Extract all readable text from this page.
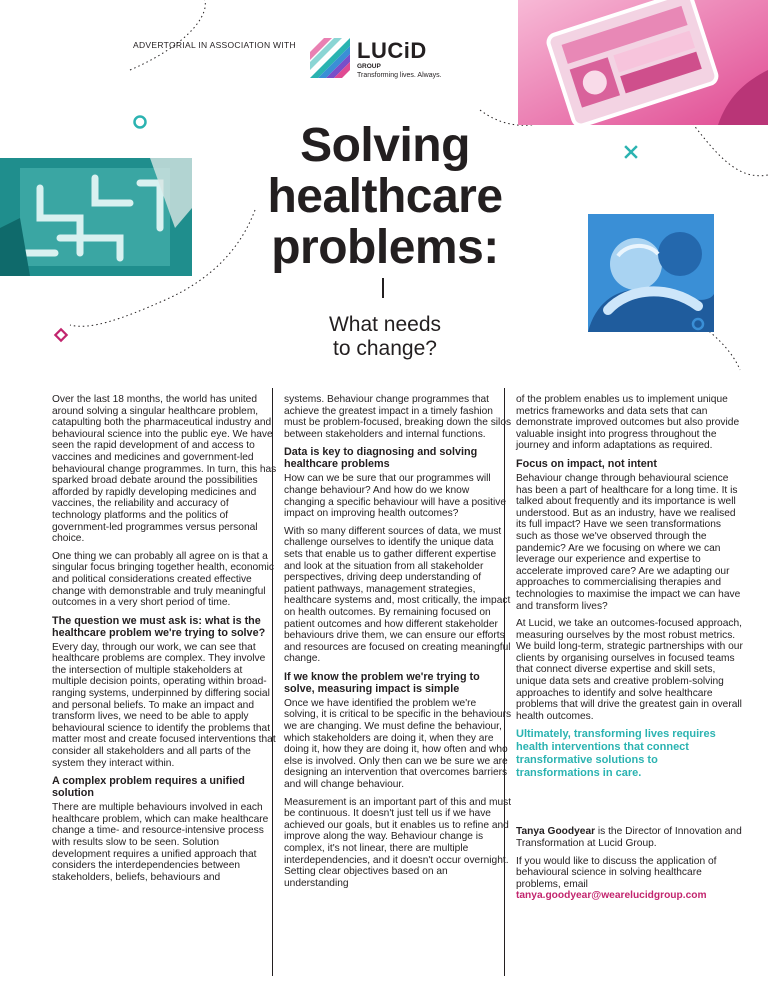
ADVERTORIAL IN ASSOCIATION WITH	LUCiD
GROUP
Transforming lives. Always.
Solving
healthcare
problems:
What needs
to change?

Over the last 18 months, the world has united around solving a singular healthcare problem, catapulting both the pharmaceutical industry and behavioural science into the public eye. We have seen the rapid development of and access to vaccines and medicines and government-led behavioural change programmes. In turn, this has sparked broad debate around the possibilities afforded by rapidly developing medicines and vaccines, the reliability and accuracy of technology platforms and the politics of government-led programmes versus personal choice.

One thing we can probably all agree on is that a singular focus bringing together health, economic and political considerations created effective change with demonstrable and truly meaningful outcomes in a very short period of time.

The question we must ask is: what is the healthcare problem we're trying to solve?

Every day, through our work, we can see that healthcare problems are complex. They involve the intersection of multiple stakeholders at multiple decision points, operating within broad-ranging systems, underpinned by differing social and personal beliefs. To make an impact and transform lives, we need to be able to apply behavioural science to identify the problems that matter most and create focused interventions that consider all stakeholders and all parts of the system they interact within.

A complex problem requires a unified solution

There are multiple behaviours involved in each healthcare problem, which can make healthcare change a time- and resource-intensive process with results slow to be seen. Solution development requires a unified approach that considers the interdependencies between stakeholders, beliefs, behaviours and

systems. Behaviour change programmes that achieve the greatest impact in a timely fashion must be problem-focused, breaking down the silos between stakeholders and internal functions.

Data is key to diagnosing and solving healthcare problems

How can we be sure that our programmes will change behaviour? And how do we know changing a specific behaviour will have a positive impact on improving health outcomes?

With so many different sources of data, we must challenge ourselves to identify the unique data sets that enable us to gather different expertise and look at the situation from all stakeholder perspectives, driving deep understanding of patient pathways, management strategies, healthcare systems and, most critically, the impact on health outcomes. By remaining focused on patient outcomes and how different stakeholder behaviours drive them, we can ensure our efforts and resources are focused on creating meaningful change.

If we know the problem we're trying to solve, measuring impact is simple

Once we have identified the problem we're solving, it is critical to be specific in the behaviours we are changing. We must define the behaviour, which stakeholders are doing it, when they are doing it, how they are doing it, how often and who else is involved. Only then can we be sure we are designing an intervention that overcomes barriers and will change behaviour.

Measurement is an important part of this and must be continuous. It doesn't just tell us if we have achieved our goals, but it enables us to refine and improve along the way. Behaviour change is complex, it's not linear, there are multiple interdependencies, and it doesn't occur overnight. Setting clear objectives based on an understanding

of the problem enables us to implement unique metrics frameworks and data sets that can demonstrate improved outcomes but also provide valuable insight into progress throughout the journey and inform adaptations as required.

Focus on impact, not intent

Behaviour change through behavioural science has been a part of healthcare for a long time. It is talked about frequently and its importance is well understood. But as an industry, have we realised its full impact? Have we seen transformations such as those we've observed through the pandemic? Are we focusing on where we can leverage our experience and expertise to accelerate improved care? Are we adapting our approaches to commercialising therapies and technologies to maximise the impact we can have and transform lives?

At Lucid, we take an outcomes-focused approach, measuring ourselves by the most robust metrics. We build long-term, strategic partnerships with our clients by organising ourselves in focused teams that connect diverse expertise and skill sets, unique data sets and creative problem-solving approaches to identify and solve healthcare problems that will drive the greatest gain in overall health outcomes.

Ultimately, transforming lives requires health interventions that connect transformative solutions to transformations in care.

Tanya Goodyear is the Director of Innovation and Transformation at Lucid Group.

If you would like to discuss the application of behavioural science in solving healthcare problems, email
tanya.goodyear@wearelucidgroup.com
